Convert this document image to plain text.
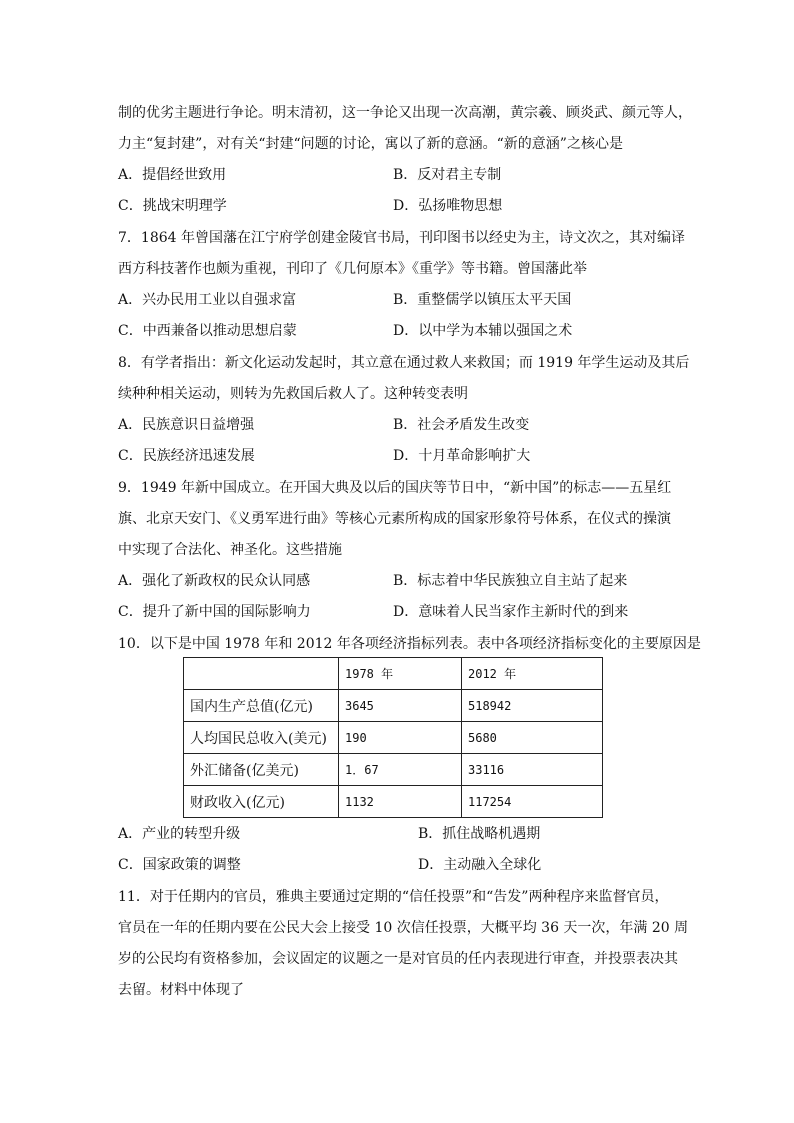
制的优劣主题进行争论。明末清初，这一争论又出现一次高潮，黄宗羲、顾炎武、颜元等人，
力主“复封建”，对有关“封建“问题的讨论，寓以了新的意涵。“新的意涵”之核心是
A．提倡经世致用	B．反对君主专制
C．挑战宋明理学	D．弘扬唯物思想
7．1864 年曾国藩在江宁府学创建金陵官书局，刊印图书以经史为主，诗文次之，其对编译
西方科技著作也颇为重视，刊印了《几何原本》《重学》等书籍。曾国藩此举
A．兴办民用工业以自强求富	B．重整儒学以镇压太平天国
C．中西兼备以推动思想启蒙	D．以中学为本辅以强国之术
8．有学者指出：新文化运动发起时，其立意在通过救人来救国；而 1919 年学生运动及其后
续种种相关运动，则转为先救国后救人了。这种转变表明
A．民族意识日益增强	B．社会矛盾发生改变
C．民族经济迅速发展	D．十月革命影响扩大
9．1949 年新中国成立。在开国大典及以后的国庆等节日中，“新中国”的标志——五星红
旗、北京天安门、《义勇军进行曲》等核心元素所构成的国家形象符号体系，在仪式的操演
中实现了合法化、神圣化。这些措施
A．强化了新政权的民众认同感	B．标志着中华民族独立自主站了起来
C．提升了新中国的国际影响力	D．意味着人民当家作主新时代的到来
10．以下是中国 1978 年和 2012 年各项经济指标列表。表中各项经济指标变化的主要原因是
	1978 年	2012 年
国内生产总值(亿元)	3645	518942
人均国民总收入(美元)	190	5680
外汇储备(亿美元)	1．67	33116
财政收入(亿元)	1132	117254
A．产业的转型升级	B．抓住战略机遇期
C．国家政策的调整	D．主动融入全球化
11．对于任期内的官员，雅典主要通过定期的“信任投票”和“告发”两种程序来监督官员，
官员在一年的任期内要在公民大会上接受 10 次信任投票，大概平均 36 天一次，年满 20 周
岁的公民均有资格参加，会议固定的议题之一是对官员的任内表现进行审查，并投票表决其
去留。材料中体现了
